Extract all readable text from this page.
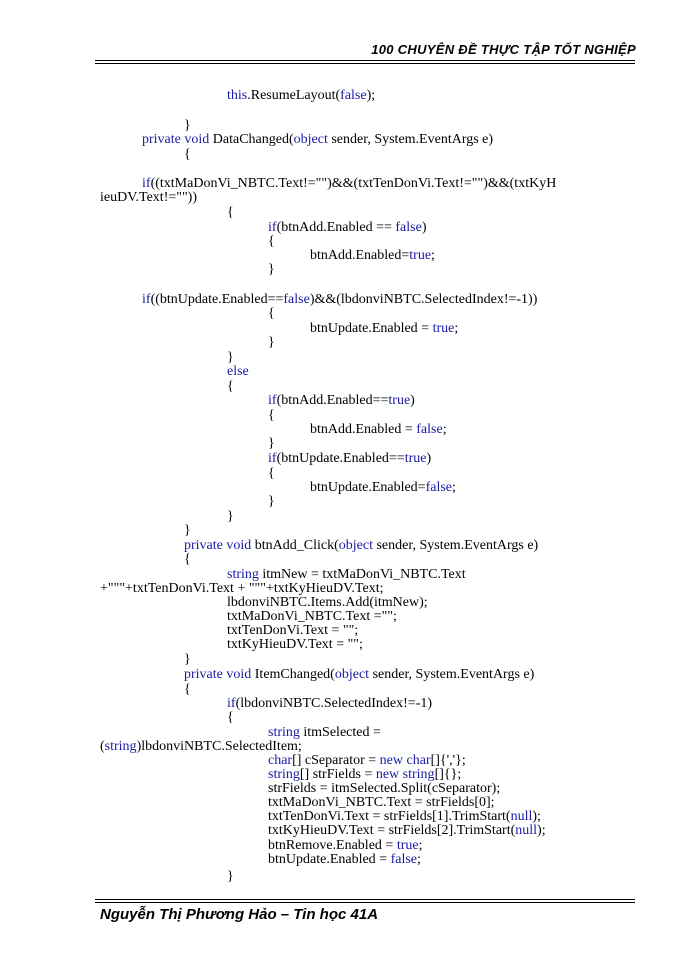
100 CHUYÊN ĐỀ THỰC TẬP TỐT NGHIỆP
this.ResumeLayout(false);
}
private void DataChanged(object sender, System.EventArgs e)
{
if((txtMaDonVi_NBTC.Text!="")&&(txtTenDonVi.Text!="")&&(txtKyH
ieuDV.Text!=""))
{
if(btnAdd.Enabled == false)
{
btnAdd.Enabled=true;
}
if((btnUpdate.Enabled==false)&&(lbdonviNBTC.SelectedIndex!=-1))
{
btnUpdate.Enabled = true;
}
}
else
{
if(btnAdd.Enabled==true)
{
btnAdd.Enabled = false;
}
if(btnUpdate.Enabled==true)
{
btnUpdate.Enabled=false;
}
}
}
private void btnAdd_Click(object sender, System.EventArgs e)
{
string itmNew = txtMaDonVi_NBTC.Text
+"""+txtTenDonVi.Text + """+txtKyHieuDV.Text;
lbdonviNBTC.Items.Add(itmNew);
txtMaDonVi_NBTC.Text ="";
txtTenDonVi.Text = "";
txtKyHieuDV.Text = "";
}
private void ItemChanged(object sender, System.EventArgs e)
{
if(lbdonviNBTC.SelectedIndex!=-1)
{
string itmSelected =
(string)lbdonviNBTC.SelectedItem;
char[] cSeparator = new char[]{','};
string[] strFields = new string[]{};
strFields = itmSelected.Split(cSeparator);
txtMaDonVi_NBTC.Text = strFields[0];
txtTenDonVi.Text = strFields[1].TrimStart(null);
txtKyHieuDV.Text = strFields[2].TrimStart(null);
btnRemove.Enabled = true;
btnUpdate.Enabled = false;
}
Nguyễn Thị Phương Hảo – Tin học 41A
